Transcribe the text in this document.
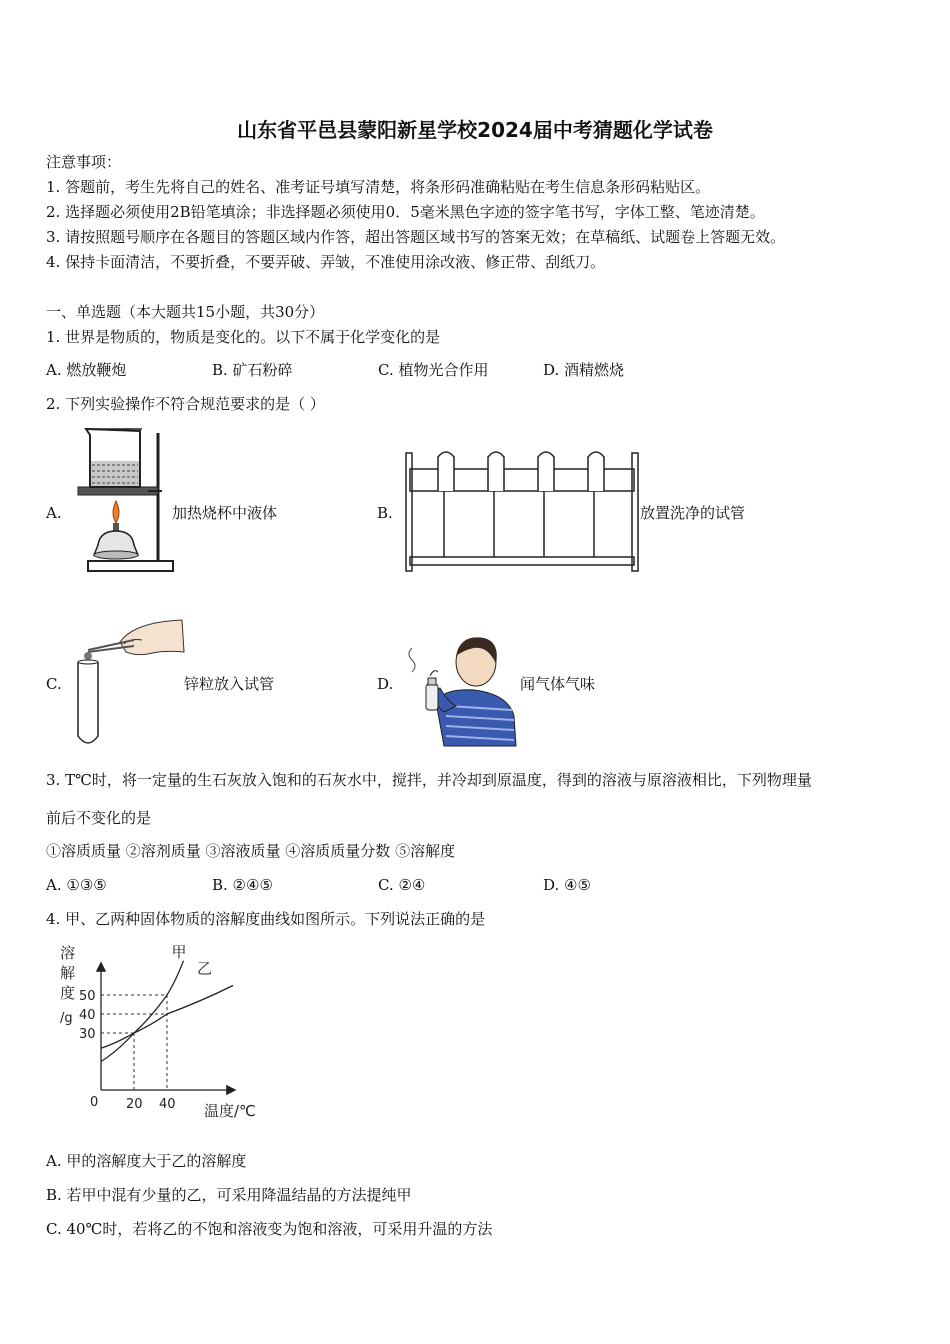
山东省平邑县蒙阳新星学校2024届中考猜题化学试卷
注意事项：
1. 答题前，考生先将自己的姓名、准考证号填写清楚，将条形码准确粘贴在考生信息条形码粘贴区。
2. 选择题必须使用2B铅笔填涂；非选择题必须使用0．5毫米黑色字迹的签字笔书写，字体工整、笔迹清楚。
3. 请按照题号顺序在各题目的答题区域内作答，超出答题区域书写的答案无效；在草稿纸、试题卷上答题无效。
4. 保持卡面清洁，不要折叠，不要弄破、弄皱，不准使用涂改液、修正带、刮纸刀。
一、单选题（本大题共15小题，共30分）
1. 世界是物质的，物质是变化的。以下不属于化学变化的是
A. 燃放鞭炮	B. 矿石粉碎	C. 植物光合作用	D. 酒精燃烧
2. 下列实验操作不符合规范要求的是（ ）
A.	加热烧杯中液体	B.	放置洗净的试管
C.	锌粒放入试管	D.	闻气体气味
3. T℃时，将一定量的生石灰放入饱和的石灰水中，搅拌，并冷却到原温度，得到的溶液与原溶液相比，下列物理量
前后不变化的是
①溶质质量 ②溶剂质量 ③溶液质量 ④溶质质量分数 ⑤溶解度
A. ①③⑤	B. ②④⑤	C. ②④	D. ④⑤
4. 甲、乙两种固体物质的溶解度曲线如图所示。下列说法正确的是
溶
解
度
/g
0	温度/℃
30
40
50
20 40
甲
乙
A. 甲的溶解度大于乙的溶解度
B. 若甲中混有少量的乙，可采用降温结晶的方法提纯甲
C. 40℃时，若将乙的不饱和溶液变为饱和溶液，可采用升温的方法
